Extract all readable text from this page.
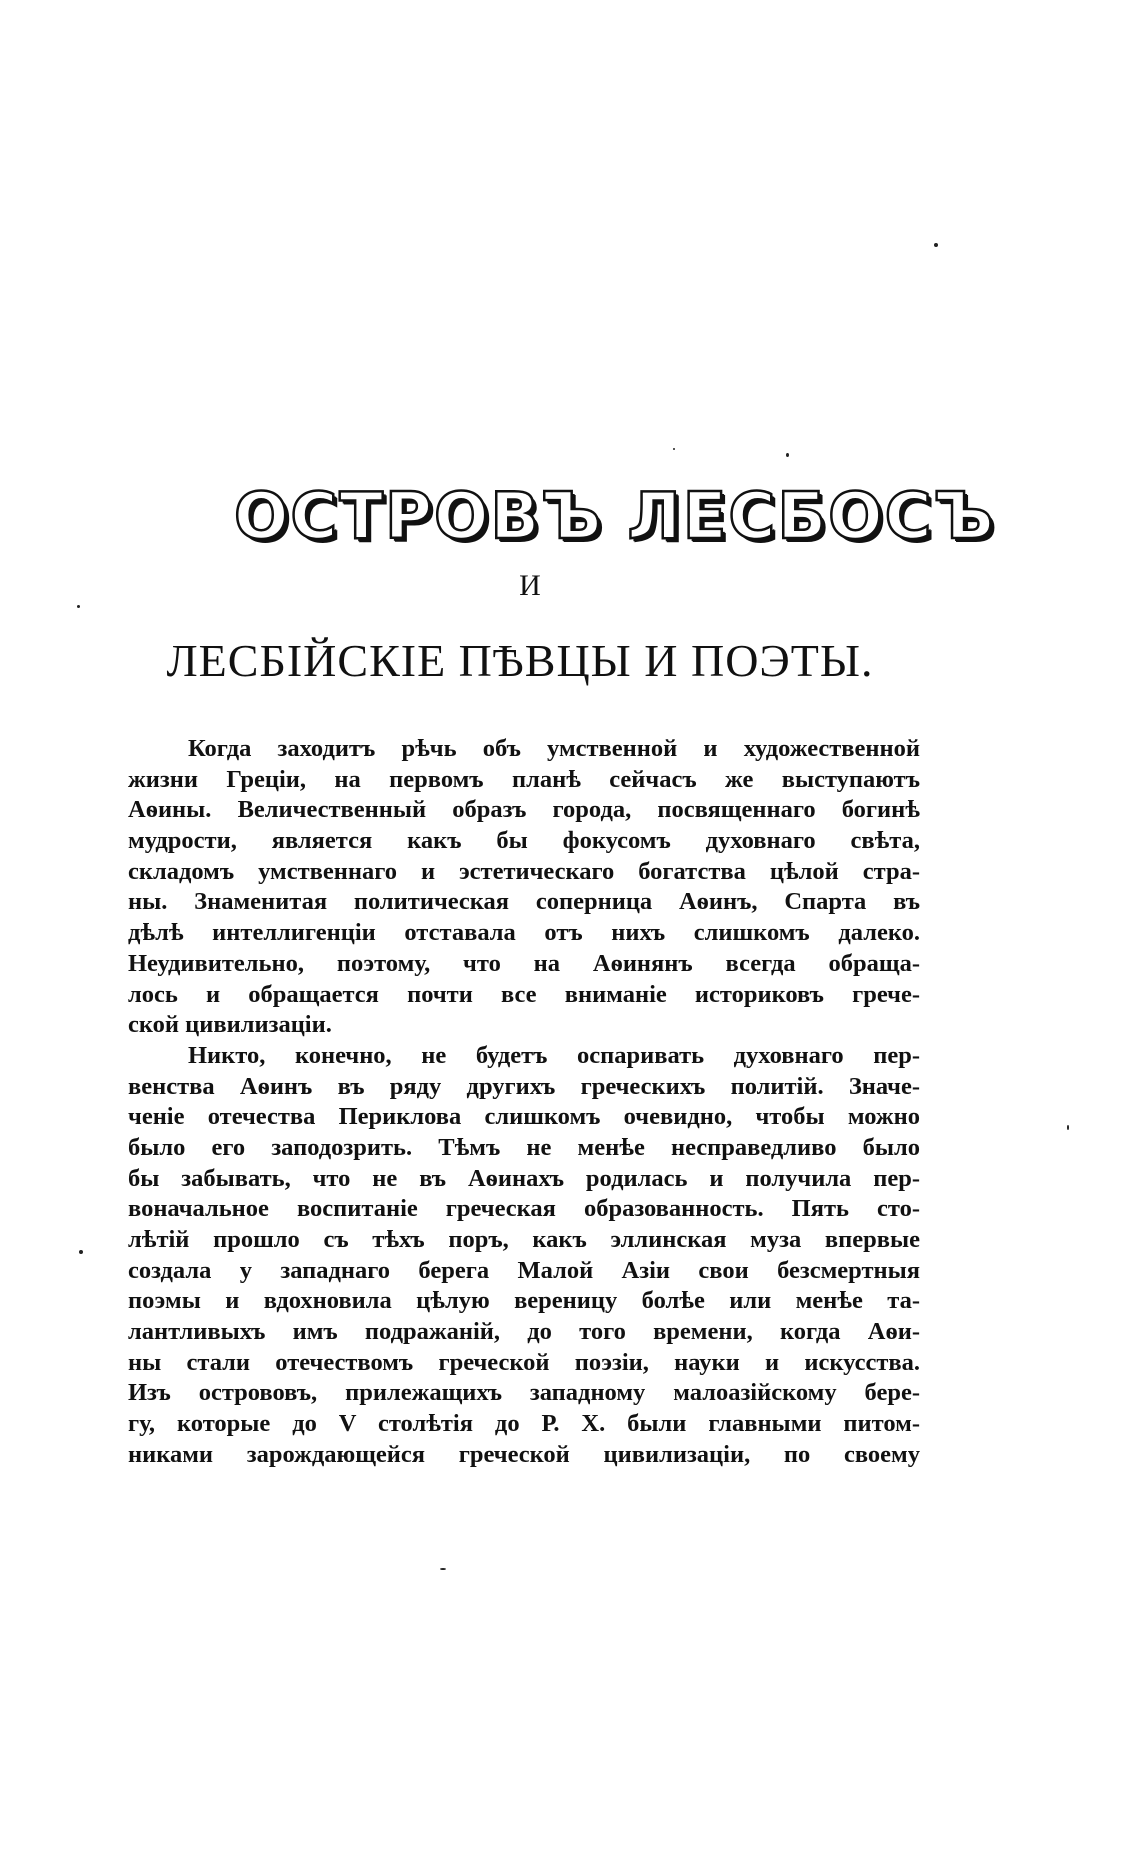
ОСТРОВЪ ЛЕСБОСЪ
И
ЛЕСБІЙСКІЕ ПѢВЦЫ И ПОЭТЫ.
Когда заходитъ рѣчь объ умственной и художественной
жизни Греціи, на первомъ планѣ сейчасъ же выступаютъ
Аѳины. Величественный образъ города, посвященнаго богинѣ
мудрости, является какъ бы фокусомъ духовнаго свѣта,
складомъ умственнаго и эстетическаго богатства цѣлой стра-
ны. Знаменитая политическая соперница Аѳинъ, Спарта въ
дѣлѣ интеллигенціи отставала отъ нихъ слишкомъ далеко.
Неудивительно, поэтому, что на Аѳинянъ всегда обраща-
лось и обращается почти все вниманіе историковъ грече-
ской цивилизаціи.
Никто, конечно, не будетъ оспаривать духовнаго пер-
венства Аѳинъ въ ряду другихъ греческихъ политій. Значе-
ченіе отечества Периклова слишкомъ очевидно, чтобы можно
было его заподозрить. Тѣмъ не менѣе несправедливо было
бы забывать, что не въ Аѳинахъ родилась и получила пер-
воначальное воспитаніе греческая образованность. Пять сто-
лѣтій прошло съ тѣхъ поръ, какъ эллинская муза впервые
создала у западнаго берега Малой Азіи свои безсмертныя
поэмы и вдохновила цѣлую вереницу болѣе или менѣе та-
лантливыхъ имъ подражаній, до того времени, когда Аѳи-
ны стали отечествомъ греческой поэзіи, науки и искусства.
Изъ острововъ, прилежащихъ западному малоазійскому бере-
гу, которые до V столѣтія до Р. Х. были главными питом-
никами зарождающейся греческой цивилизаціи, по своему
